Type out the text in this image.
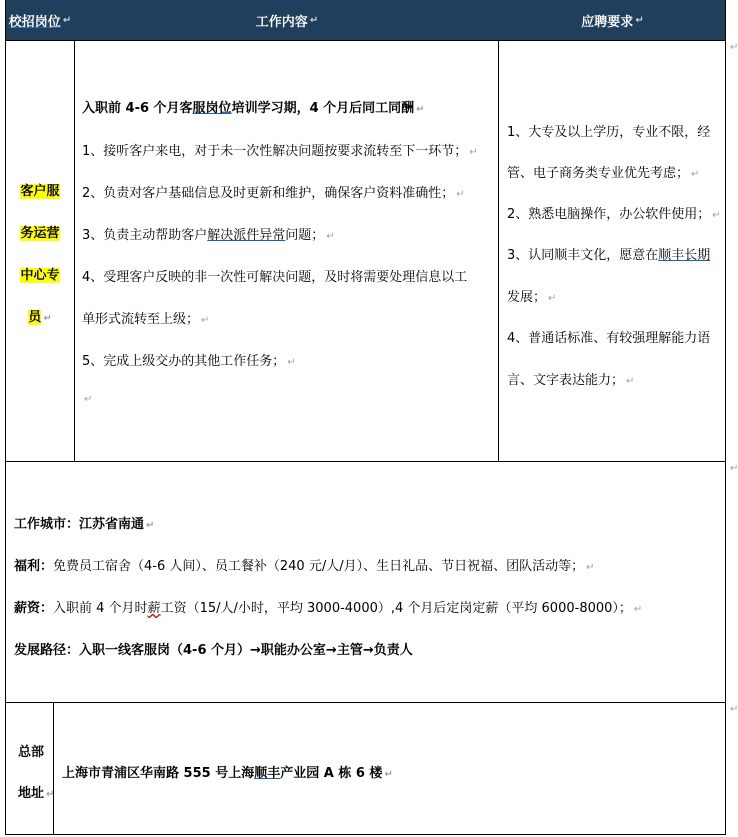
校招岗位 ↵	工作内容 ↵	应聘要求 ↵
↵
↵
↵
客户服
务运营
中心专
员 ↵
入职前 4-6 个月客服岗位培训学习期，4 个月后同工同酬 ↵
1、接听客户来电，对于未一次性解决问题按要求流转至下一环节； ↵
2、负责对客户基础信息及时更新和维护，确保客户资料准确性； ↵
3、负责主动帮助客户解决派件异常问题； ↵
4、受理客户反映的非一次性可解决问题，及时将需要处理信息以工
单形式流转至上级； ↵
5、完成上级交办的其他工作任务； ↵
↵
1、大专及以上学历，专业不限，经
管、电子商务类专业优先考虑； ↵
2、熟悉电脑操作，办公软件使用； ↵
3、认同顺丰文化，愿意在顺丰长期
发展； ↵
4、普通话标准、有较强理解能力语
言、文字表达能力； ↵
工作城市：江苏省南通 ↵
福利：免费员工宿舍（4-6 人间）、员工餐补（240 元/人/月）、生日礼品、节日祝福、团队活动等； ↵
薪资：入职前 4 个月时薪工资（15/人/小时，平均 3000-4000）,4 个月后定岗定薪（平均 6000-8000）； ↵
发展路径：入职一线客服岗（4-6 个月）→职能办公室→主管→负责人
总部
地址 ↵
上海市青浦区华南路 555 号上海顺丰产业园 A 栋 6 楼 ↵
